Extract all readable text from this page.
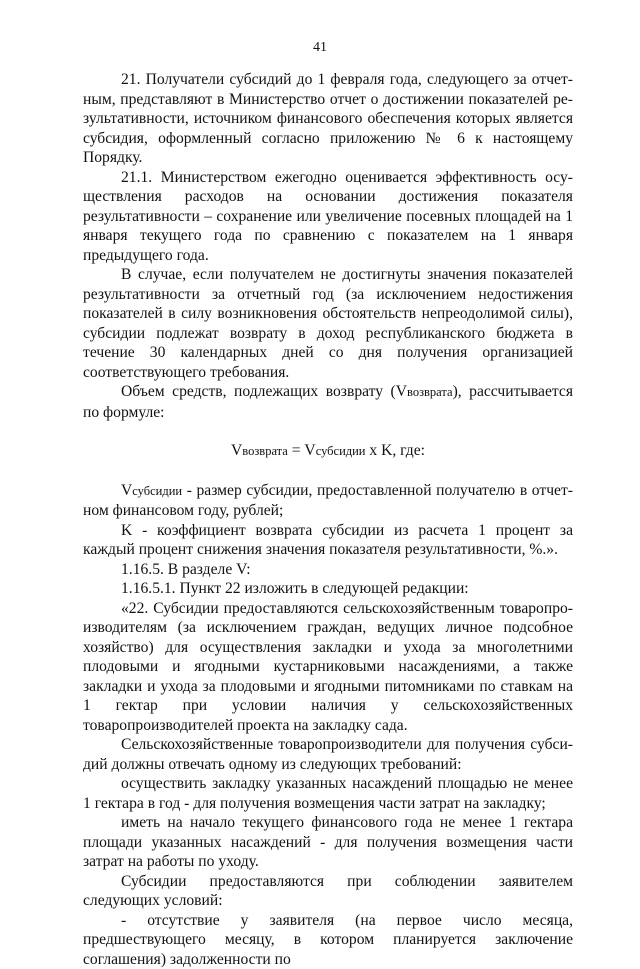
41

21. Получатели субсидий до 1 февраля года, следующего за отчетным, представляют в Министерство отчет о достижении показателей результативности, источником финансового обеспечения которых является субсидия, оформленный согласно приложению № 6 к настоящему Порядку.

21.1. Министерством ежегодно оценивается эффективность осуществления расходов на основании достижения показателя результативности – сохранение или увеличение посевных площадей на 1 января текущего года по сравнению с показателем на 1 января предыдущего года.

В случае, если получателем не достигнуты значения показателей результативности за отчетный год (за исключением недостижения показателей в силу возникновения обстоятельств непреодолимой силы), субсидии подлежат возврату в доход республиканского бюджета в течение 30 календарных дней со дня получения организацией соответствующего требования.

Объем средств, подлежащих возврату (Vвозврата), рассчитывается по формуле:

Vвозврата = Vсубсидии x K, где:

Vсубсидии - размер субсидии, предоставленной получателю в отчетном финансовом году, рублей;

K - коэффициент возврата субсидии из расчета 1 процент за каждый процент снижения значения показателя результативности, %.».

1.16.5. В разделе V:

1.16.5.1. Пункт 22 изложить в следующей редакции:

«22. Субсидии предоставляются сельскохозяйственным товаропроизводителям (за исключением граждан, ведущих личное подсобное хозяйство) для осуществления закладки и ухода за многолетними плодовыми и ягодными кустарниковыми насаждениями, а также закладки и ухода за плодовыми и ягодными питомниками по ставкам на 1 гектар при условии наличия у сельскохозяйственных товаропроизводителей проекта на закладку сада.

Сельскохозяйственные товаропроизводители для получения субсидий должны отвечать одному из следующих требований:

осуществить закладку указанных насаждений площадью не менее 1 гектара в год - для получения возмещения части затрат на закладку;

иметь на начало текущего финансового года не менее 1 гектара площади указанных насаждений - для получения возмещения части затрат на работы по уходу.

Субсидии предоставляются при соблюдении заявителем следующих условий:

- отсутствие у заявителя (на первое число месяца, предшествующего месяцу, в котором планируется заключение соглашения) задолженности по
